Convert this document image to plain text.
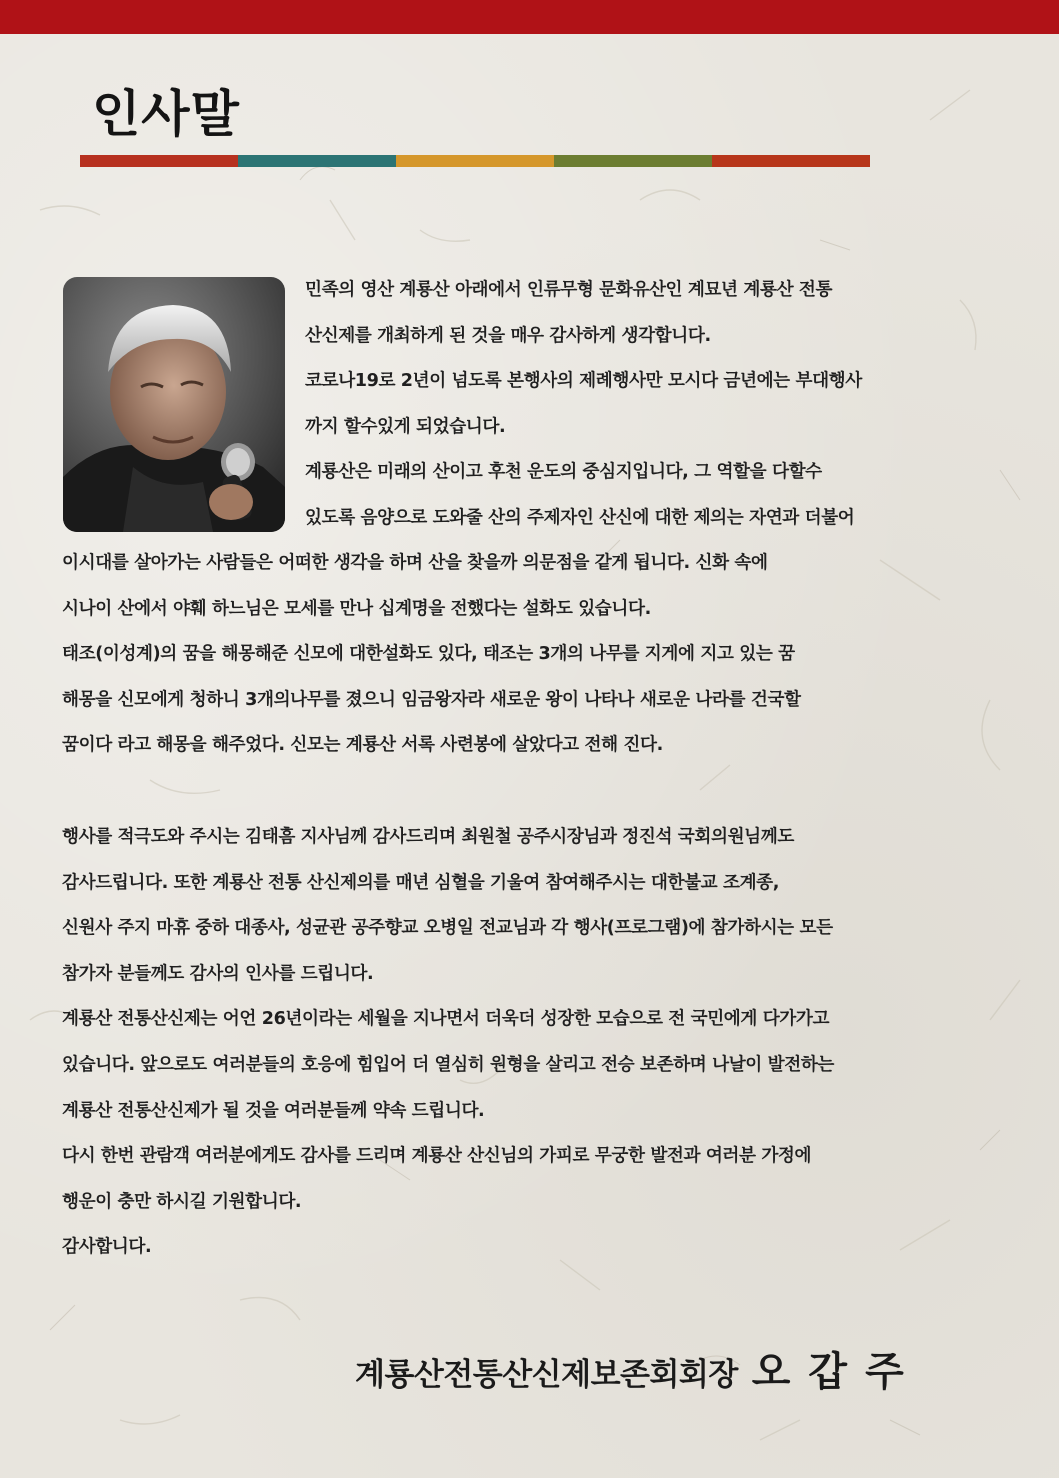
인사말

민족의 영산 계룡산 아래에서 인류무형 문화유산인 계묘년 계룡산 전통
산신제를 개최하게 된 것을 매우 감사하게 생각합니다.
코로나19로 2년이 넘도록 본행사의 제례행사만 모시다 금년에는 부대행사
까지 할수있게 되었습니다.
계룡산은 미래의 산이고 후천 운도의 중심지입니다, 그 역할을 다할수
있도록 음양으로 도와줄 산의 주제자인 산신에 대한 제의는 자연과 더불어

이시대를 살아가는 사람들은 어떠한 생각을 하며 산을 찾을까 의문점을 같게 됩니다. 신화 속에
시나이 산에서 야훼 하느님은 모세를 만나 십계명을 전했다는 설화도 있습니다.
태조(이성계)의 꿈을 해몽해준 신모에 대한설화도 있다, 태조는 3개의 나무를 지게에 지고 있는 꿈
해몽을 신모에게 청하니 3개의나무를 졌으니 임금왕자라 새로운 왕이 나타나 새로운 나라를 건국할
꿈이다 라고 해몽을 해주었다. 신모는 계룡산 서록 사련봉에 살았다고 전해 진다.

행사를 적극도와 주시는 김태흠 지사님께 감사드리며 최원철 공주시장님과 정진석 국회의원님께도
감사드립니다. 또한 계룡산 전통 산신제의를 매년 심혈을 기울여 참여해주시는 대한불교 조계종,
신원사 주지 마휴 중하 대종사, 성균관 공주향교 오병일 전교님과 각 행사(프로그램)에 참가하시는 모든
참가자 분들께도 감사의 인사를 드립니다.
계룡산 전통산신제는 어언 26년이라는 세월을 지나면서 더욱더 성장한 모습으로 전 국민에게 다가가고
있습니다. 앞으로도 여러분들의 호응에 힘입어 더 열심히 원형을 살리고 전승 보존하며 나날이 발전하는
계룡산 전통산신제가 될 것을 여러분들께 약속 드립니다.
다시 한번 관람객 여러분에게도 감사를 드리며 계룡산 산신님의 가피로 무궁한 발전과 여러분 가정에
행운이 충만 하시길 기원합니다.
감사합니다.

계룡산전통산신제보존회회장 오갑주
